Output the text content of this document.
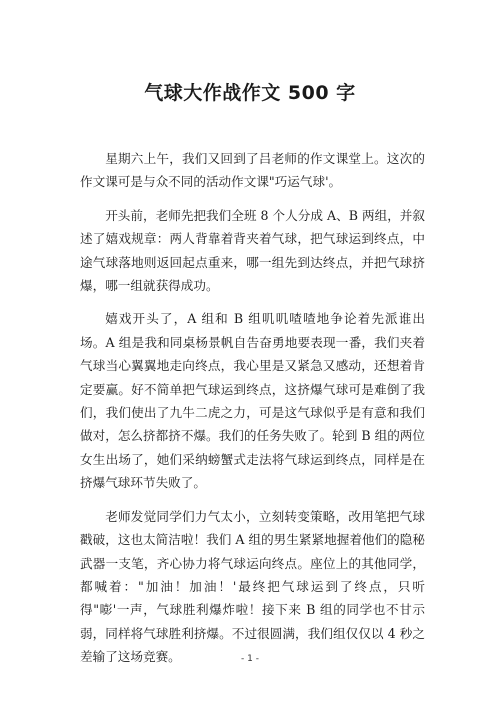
气球大作战作文 500 字

星期六上午，我们又回到了吕老师的作文课堂上。这次的作文课可是与众不同的活动作文课"巧运气球'。

开头前，老师先把我们全班 8 个人分成 A、B 两组，并叙述了嬉戏规章：两人背靠着背夹着气球，把气球运到终点，中途气球落地则返回起点重来，哪一组先到达终点，并把气球挤爆，哪一组就获得成功。

嬉戏开头了，A 组和 B 组叽叽喳喳地争论着先派谁出场。A 组是我和同桌杨景帆自告奋勇地要表现一番，我们夹着气球当心翼翼地走向终点，我心里是又紧急又感动，还想着肯定要赢。好不简单把气球运到终点，这挤爆气球可是难倒了我们，我们使出了九牛二虎之力，可是这气球似乎是有意和我们做对，怎么挤都挤不爆。我们的任务失败了。轮到 B 组的两位女生出场了，她们采纳螃蟹式走法将气球运到终点，同样是在挤爆气球环节失败了。

老师发觉同学们力气太小，立刻转变策略，改用笔把气球戳破，这也太简洁啦！我们 A 组的男生紧紧地握着他们的隐秘武器一支笔，齐心协力将气球运向终点。座位上的其他同学，都喊着："加油！加油！'最终把气球运到了终点，只听得"嘭'一声，气球胜利爆炸啦！接下来 B 组的同学也不甘示弱，同样将气球胜利挤爆。不过很圆满，我们组仅仅以 4 秒之差输了这场竞赛。	- 1 -
